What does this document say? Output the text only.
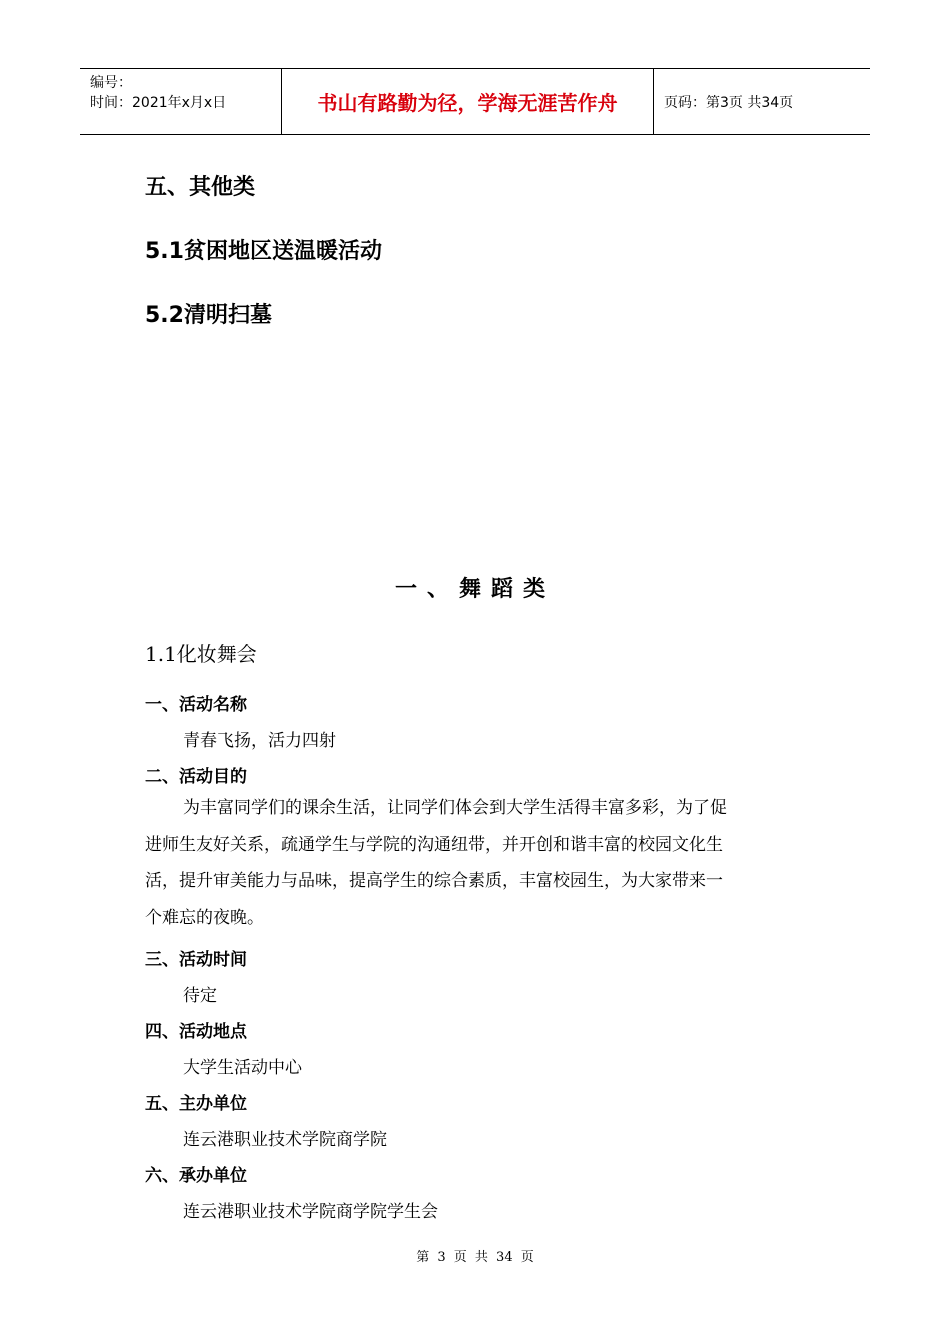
编号：
时间：2021年x月x日	书山有路勤为径，学海无涯苦作舟	页码：第3页 共34页
五、其他类
5.1贫困地区送温暖活动
5.2清明扫墓
一、舞蹈类
1.1化妆舞会
一、活动名称
青春飞扬，活力四射
二、活动目的
为丰富同学们的课余生活，让同学们体会到大学生活得丰富多彩，为了促
进师生友好关系，疏通学生与学院的沟通纽带，并开创和谐丰富的校园文化生
活，提升审美能力与品味，提高学生的综合素质，丰富校园生，为大家带来一
个难忘的夜晚。
三、活动时间
待定
四、活动地点
大学生活动中心
五、主办单位
连云港职业技术学院商学院
六、承办单位
连云港职业技术学院商学院学生会
第 3 页 共 34 页
